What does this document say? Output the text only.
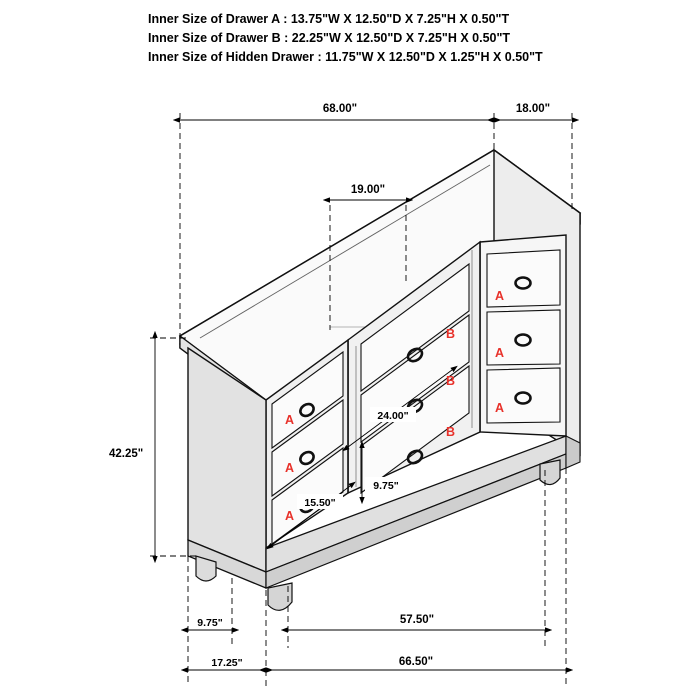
Inner Size of Drawer A : 13.75"W X 12.50"D X 7.25"H X 0.50"T
Inner Size of Drawer B : 22.25"W X 12.50"D X 7.25"H X 0.50"T
Inner Size of Hidden Drawer : 11.75"W X 12.50"D X 1.25"H X 0.50"T
68.00"	18.00"
19.00"
42.25"
24.00"
15.50"
9.75"
9.75"	57.50"
17.25"	66.50"
A
A
A
B
B
B
A
A
A
